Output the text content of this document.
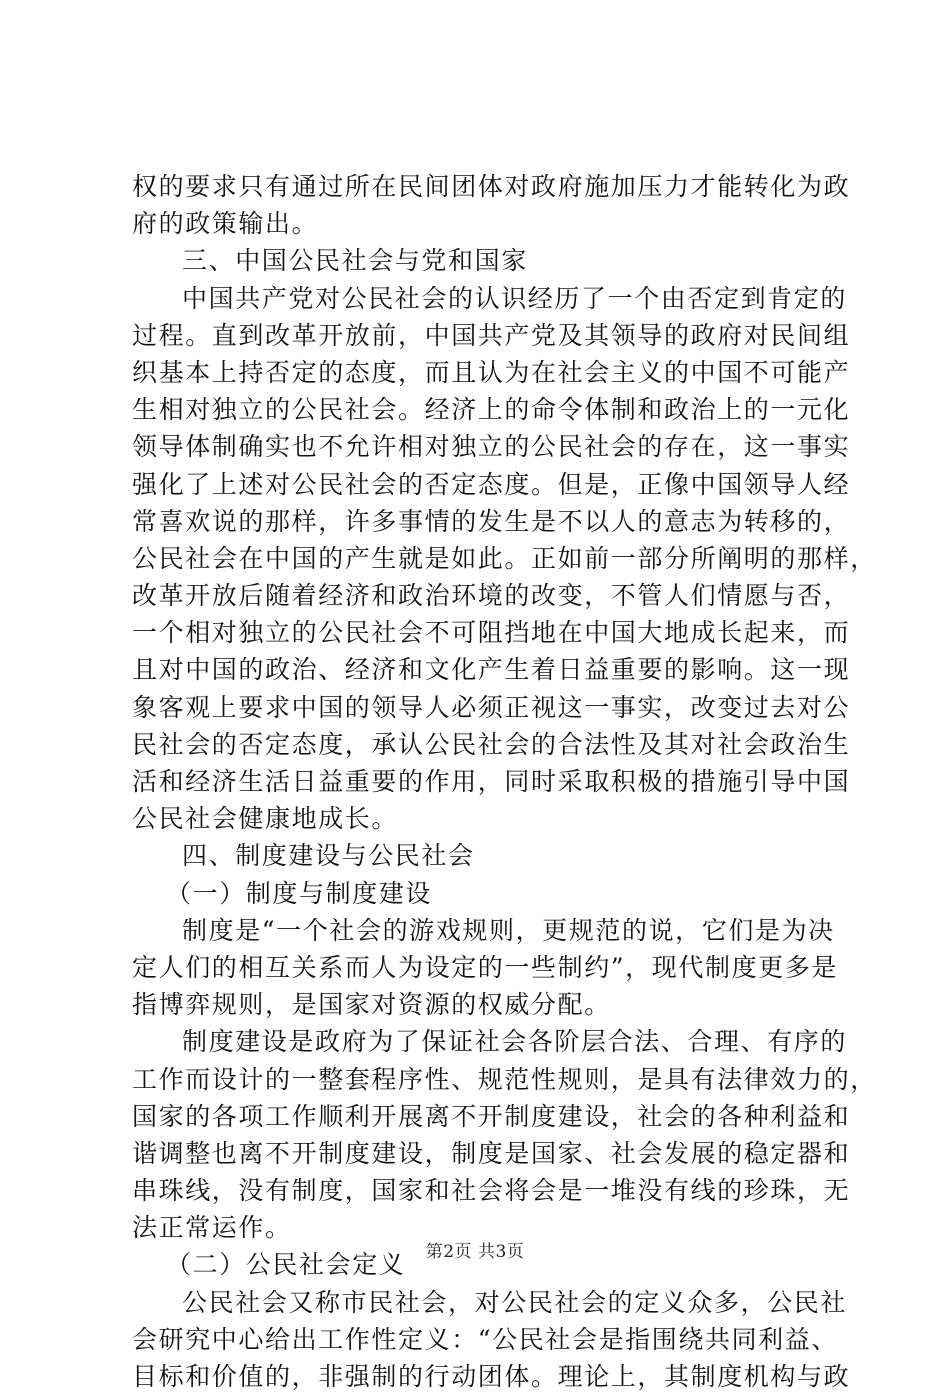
权的要求只有通过所在民间团体对政府施加压力才能转化为政
府的政策输出。
三、中国公民社会与党和国家
中国共产党对公民社会的认识经历了一个由否定到肯定的
过程。直到改革开放前，中国共产党及其领导的政府对民间组
织基本上持否定的态度，而且认为在社会主义的中国不可能产
生相对独立的公民社会。经济上的命令体制和政治上的一元化
领导体制确实也不允许相对独立的公民社会的存在，这一事实
强化了上述对公民社会的否定态度。但是，正像中国领导人经
常喜欢说的那样，许多事情的发生是不以人的意志为转移的，
公民社会在中国的产生就是如此。正如前一部分所阐明的那样，
改革开放后随着经济和政治环境的改变，不管人们情愿与否，
一个相对独立的公民社会不可阻挡地在中国大地成长起来，而
且对中国的政治、经济和文化产生着日益重要的影响。这一现
象客观上要求中国的领导人必须正视这一事实，改变过去对公
民社会的否定态度，承认公民社会的合法性及其对社会政治生
活和经济生活日益重要的作用，同时采取积极的措施引导中国
公民社会健康地成长。
四、制度建设与公民社会
（一）制度与制度建设
制度是“一个社会的游戏规则，更规范的说，它们是为决
定人们的相互关系而人为设定的一些制约”，现代制度更多是
指博弈规则，是国家对资源的权威分配。
制度建设是政府为了保证社会各阶层合法、合理、有序的
工作而设计的一整套程序性、规范性规则，是具有法律效力的，
国家的各项工作顺利开展离不开制度建设，社会的各种利益和
谐调整也离不开制度建设，制度是国家、社会发展的稳定器和
串珠线，没有制度，国家和社会将会是一堆没有线的珍珠，无
法正常运作。
（二）公民社会定义
公民社会又称市民社会，对公民社会的定义众多，公民社
会研究中心给出工作性定义：“公民社会是指围绕共同利益、
目标和价值的，非强制的行动团体。理论上，其制度机构与政
第2页 共3页
